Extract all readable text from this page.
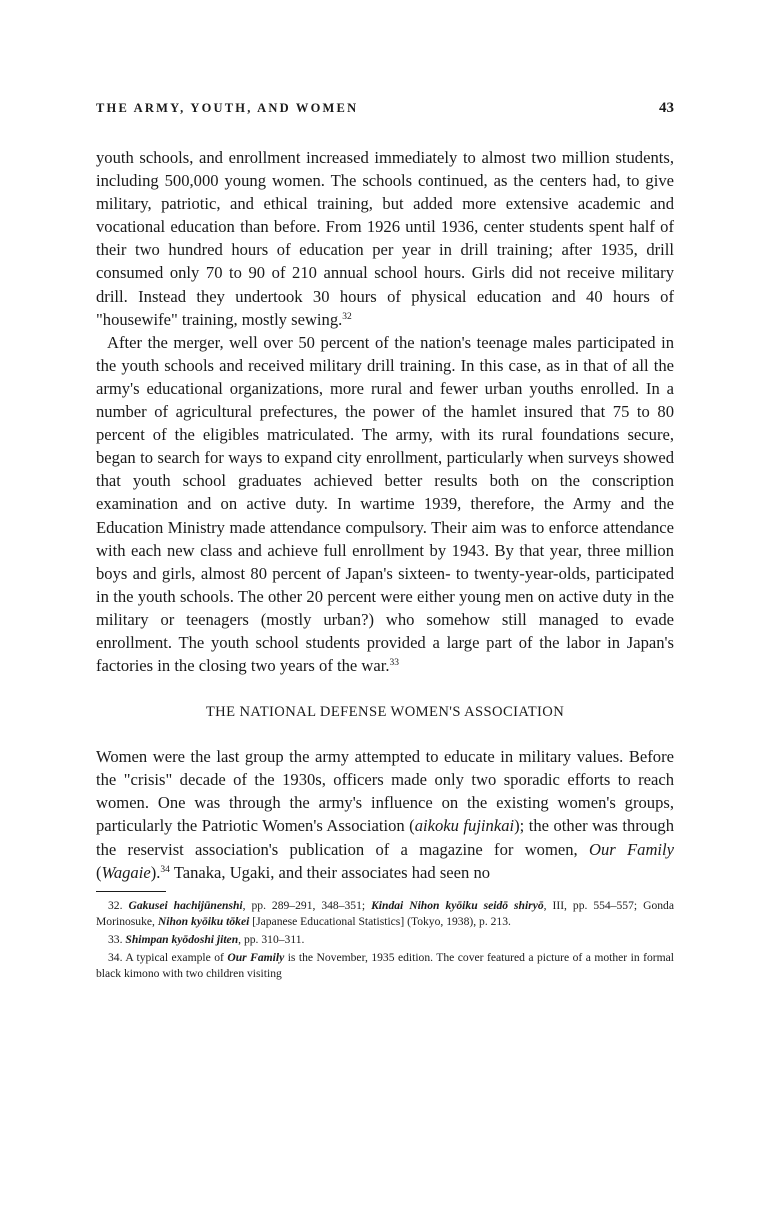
THE ARMY, YOUTH, AND WOMEN	43

youth schools, and enrollment increased immediately to almost two million students, including 500,000 young women. The schools continued, as the centers had, to give military, patriotic, and ethical training, but added more extensive academic and vocational education than before. From 1926 until 1936, center students spent half of their two hundred hours of education per year in drill training; after 1935, drill consumed only 70 to 90 of 210 annual school hours. Girls did not receive military drill. Instead they undertook 30 hours of physical education and 40 hours of "housewife" training, mostly sewing.$^{32}$

After the merger, well over 50 percent of the nation's teenage males participated in the youth schools and received military drill training. In this case, as in that of all the army's educational organizations, more rural and fewer urban youths enrolled. In a number of agricultural prefectures, the power of the hamlet insured that 75 to 80 percent of the eligibles matriculated. The army, with its rural foundations secure, began to search for ways to expand city enrollment, particularly when surveys showed that youth school graduates achieved better results both on the conscription examination and on active duty. In wartime 1939, therefore, the Army and the Education Ministry made attendance compulsory. Their aim was to enforce attendance with each new class and achieve full enrollment by 1943. By that year, three million boys and girls, almost 80 percent of Japan's sixteen- to twenty-year-olds, participated in the youth schools. The other 20 percent were either young men on active duty in the military or teenagers (mostly urban?) who somehow still managed to evade enrollment. The youth school students provided a large part of the labor in Japan's factories in the closing two years of the war.$^{33}$

THE NATIONAL DEFENSE WOMEN'S ASSOCIATION

Women were the last group the army attempted to educate in military values. Before the "crisis" decade of the 1930s, officers made only two sporadic efforts to reach women. One was through the army's influence on the existing women's groups, particularly the Patriotic Women's Association (aikoku fujinkai); the other was through the reservist association's publication of a magazine for women, Our Family (Wagaie).$^{34}$ Tanaka, Ugaki, and their associates had seen no

32. Gakusei hachijūnenshi, pp. 289–291, 348–351; Kindai Nihon kyōiku seidō shiryō, III, pp. 554–557; Gonda Morinosuke, Nihon kyōiku tōkei [Japanese Educational Statistics] (Tokyo, 1938), p. 213.

33. Shimpan kyōdoshi jiten, pp. 310–311.

34. A typical example of Our Family is the November, 1935 edition. The cover featured a picture of a mother in formal black kimono with two children visiting
